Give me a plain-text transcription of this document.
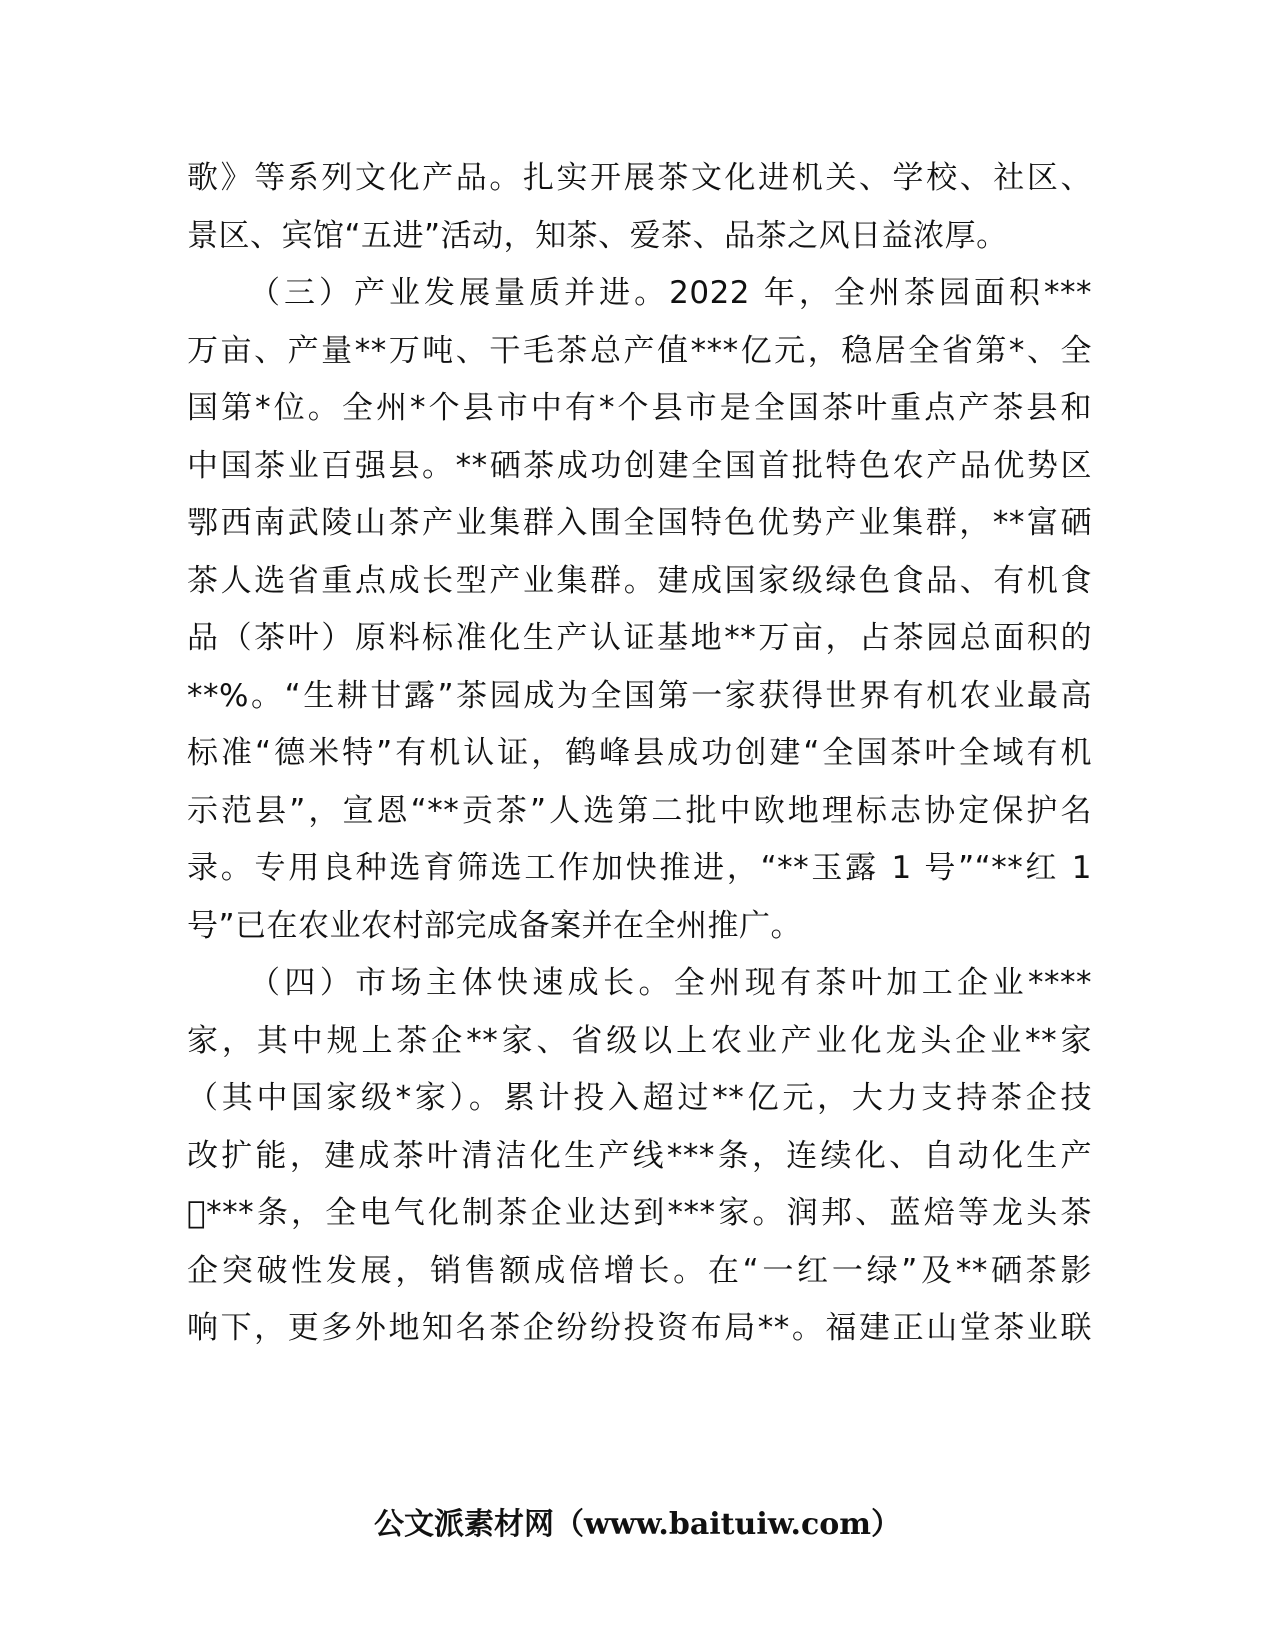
歌》等系列文化产品。扎实开展茶文化进机关、学校、社区、
景区、宾馆“五进”活动，知茶、爱茶、品茶之风日益浓厚。
（三）产业发展量质并进。2022 年，全州茶园面积***
万亩、产量**万吨、干毛茶总产值***亿元，稳居全省第*、全
国第*位。全州*个县市中有*个县市是全国茶叶重点产茶县和
中国茶业百强县。**硒茶成功创建全国首批特色农产品优势区
鄂西南武陵山茶产业集群入围全国特色优势产业集群，**富硒
茶人选省重点成长型产业集群。建成国家级绿色食品、有机食
品（茶叶）原料标准化生产认证基地**万亩，占茶园总面积的
**%。“生耕甘露”茶园成为全国第一家获得世界有机农业最高
标准“德米特”有机认证，鹤峰县成功创建“全国茶叶全域有机
示范县”，宣恩“**贡茶”人选第二批中欧地理标志协定保护名
录。专用良种选育筛选工作加快推进，“**玉露 1 号”“**红 1
号”已在农业农村部完成备案并在全州推广。
（四）市场主体快速成长。全州现有茶叶加工企业****
家，其中规上茶企**家、省级以上农业产业化龙头企业**家
（其中国家级*家）。累计投入超过**亿元，大力支持茶企技
改扩能，建成茶叶清洁化生产线***条，连续化、自动化生产
􀀀***条，全电气化制茶企业达到***家。润邦、蓝焙等龙头茶
企突破性发展，销售额成倍增长。在“一红一绿”及**硒茶影
响下，更多外地知名茶企纷纷投资布局**。福建正山堂茶业联
公文派素材网（www.baituiw.com）
